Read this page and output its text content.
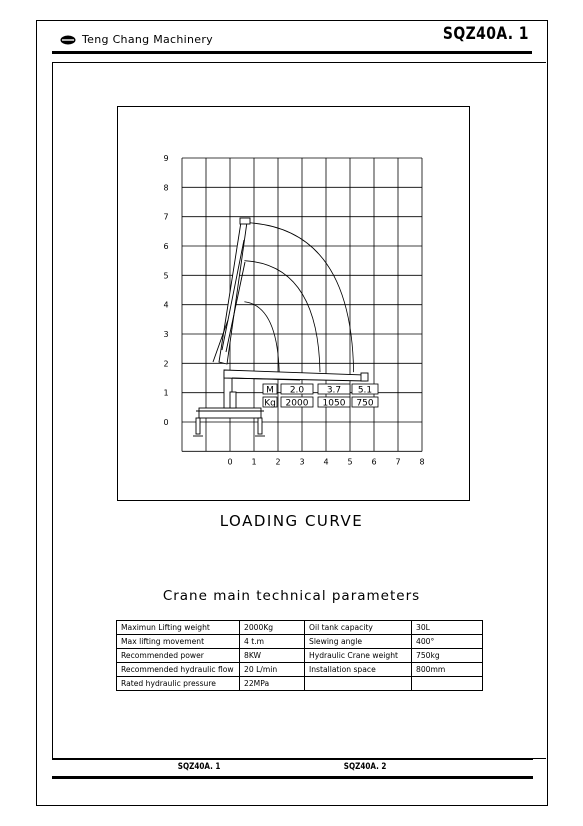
Teng Chang Machinery	SQZ40A. 1
0 1 2 3 4 5 6 7 8
0
1
2
3
4
5
6
7
8
9
M 2.0	3.7 5.1
Kg 2000 1050 750
LOADING CURVE
Crane main technical parameters
Maximun Lifting weight	2000Kg	Oil tank capacity	30L
Max lifting movement	4 t.m	Slewing angle	400°
Recommended power	8KW	Hydraulic Crane weight	750kg
Recommended hydraulic flow	20 L/min	Installation space	800mm
Rated hydraulic pressure	22MPa		
SQZ40A. 1	SQZ40A. 2
